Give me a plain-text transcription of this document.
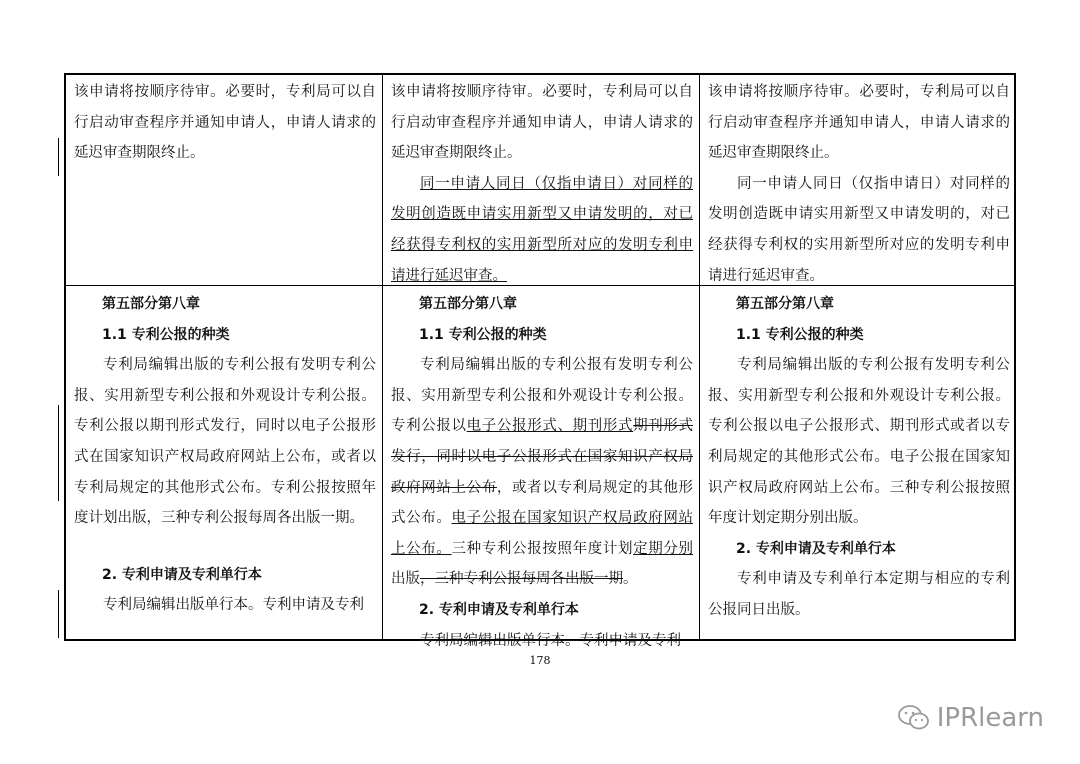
该申请将按顺序待审。必要时，专利局可以自行启动审查程序并通知申请人，申请人请求的延迟审查期限终止。

该申请将按顺序待审。必要时，专利局可以自行启动审查程序并通知申请人，申请人请求的延迟审查期限终止。

同一申请人同日（仅指申请日）对同样的发明创造既申请实用新型又申请发明的，对已经获得专利权的实用新型所对应的发明专利申请进行延迟审查。

该申请将按顺序待审。必要时，专利局可以自行启动审查程序并通知申请人，申请人请求的延迟审查期限终止。

同一申请人同日（仅指申请日）对同样的发明创造既申请实用新型又申请发明的，对已经获得专利权的实用新型所对应的发明专利申请进行延迟审查。

第五部分第八章

1.1 专利公报的种类

专利局编辑出版的专利公报有发明专利公报、实用新型专利公报和外观设计专利公报。专利公报以期刊形式发行，同时以电子公报形式在国家知识产权局政府网站上公布，或者以专利局规定的其他形式公布。专利公报按照年度计划出版，三种专利公报每周各出版一期。

2. 专利申请及专利单行本

专利局编辑出版单行本。专利申请及专利

第五部分第八章

1.1 专利公报的种类

专利局编辑出版的专利公报有发明专利公报、实用新型专利公报和外观设计专利公报。专利公报以电子公报形式、期刊形式期刊形式发行，同时以电子公报形式在国家知识产权局政府网站上公布，或者以专利局规定的其他形式公布。电子公报在国家知识产权局政府网站上公布。三种专利公报按照年度计划定期分别出版，三种专利公报每周各出版一期。

2. 专利申请及专利单行本

专利局编辑出版单行本。专利申请及专利

第五部分第八章

1.1 专利公报的种类

专利局编辑出版的专利公报有发明专利公报、实用新型专利公报和外观设计专利公报。专利公报以电子公报形式、期刊形式或者以专利局规定的其他形式公布。电子公报在国家知识产权局政府网站上公布。三种专利公报按照年度计划定期分别出版。

2. 专利申请及专利单行本

专利申请及专利单行本定期与相应的专利公报同日出版。

178
IPRlearn
